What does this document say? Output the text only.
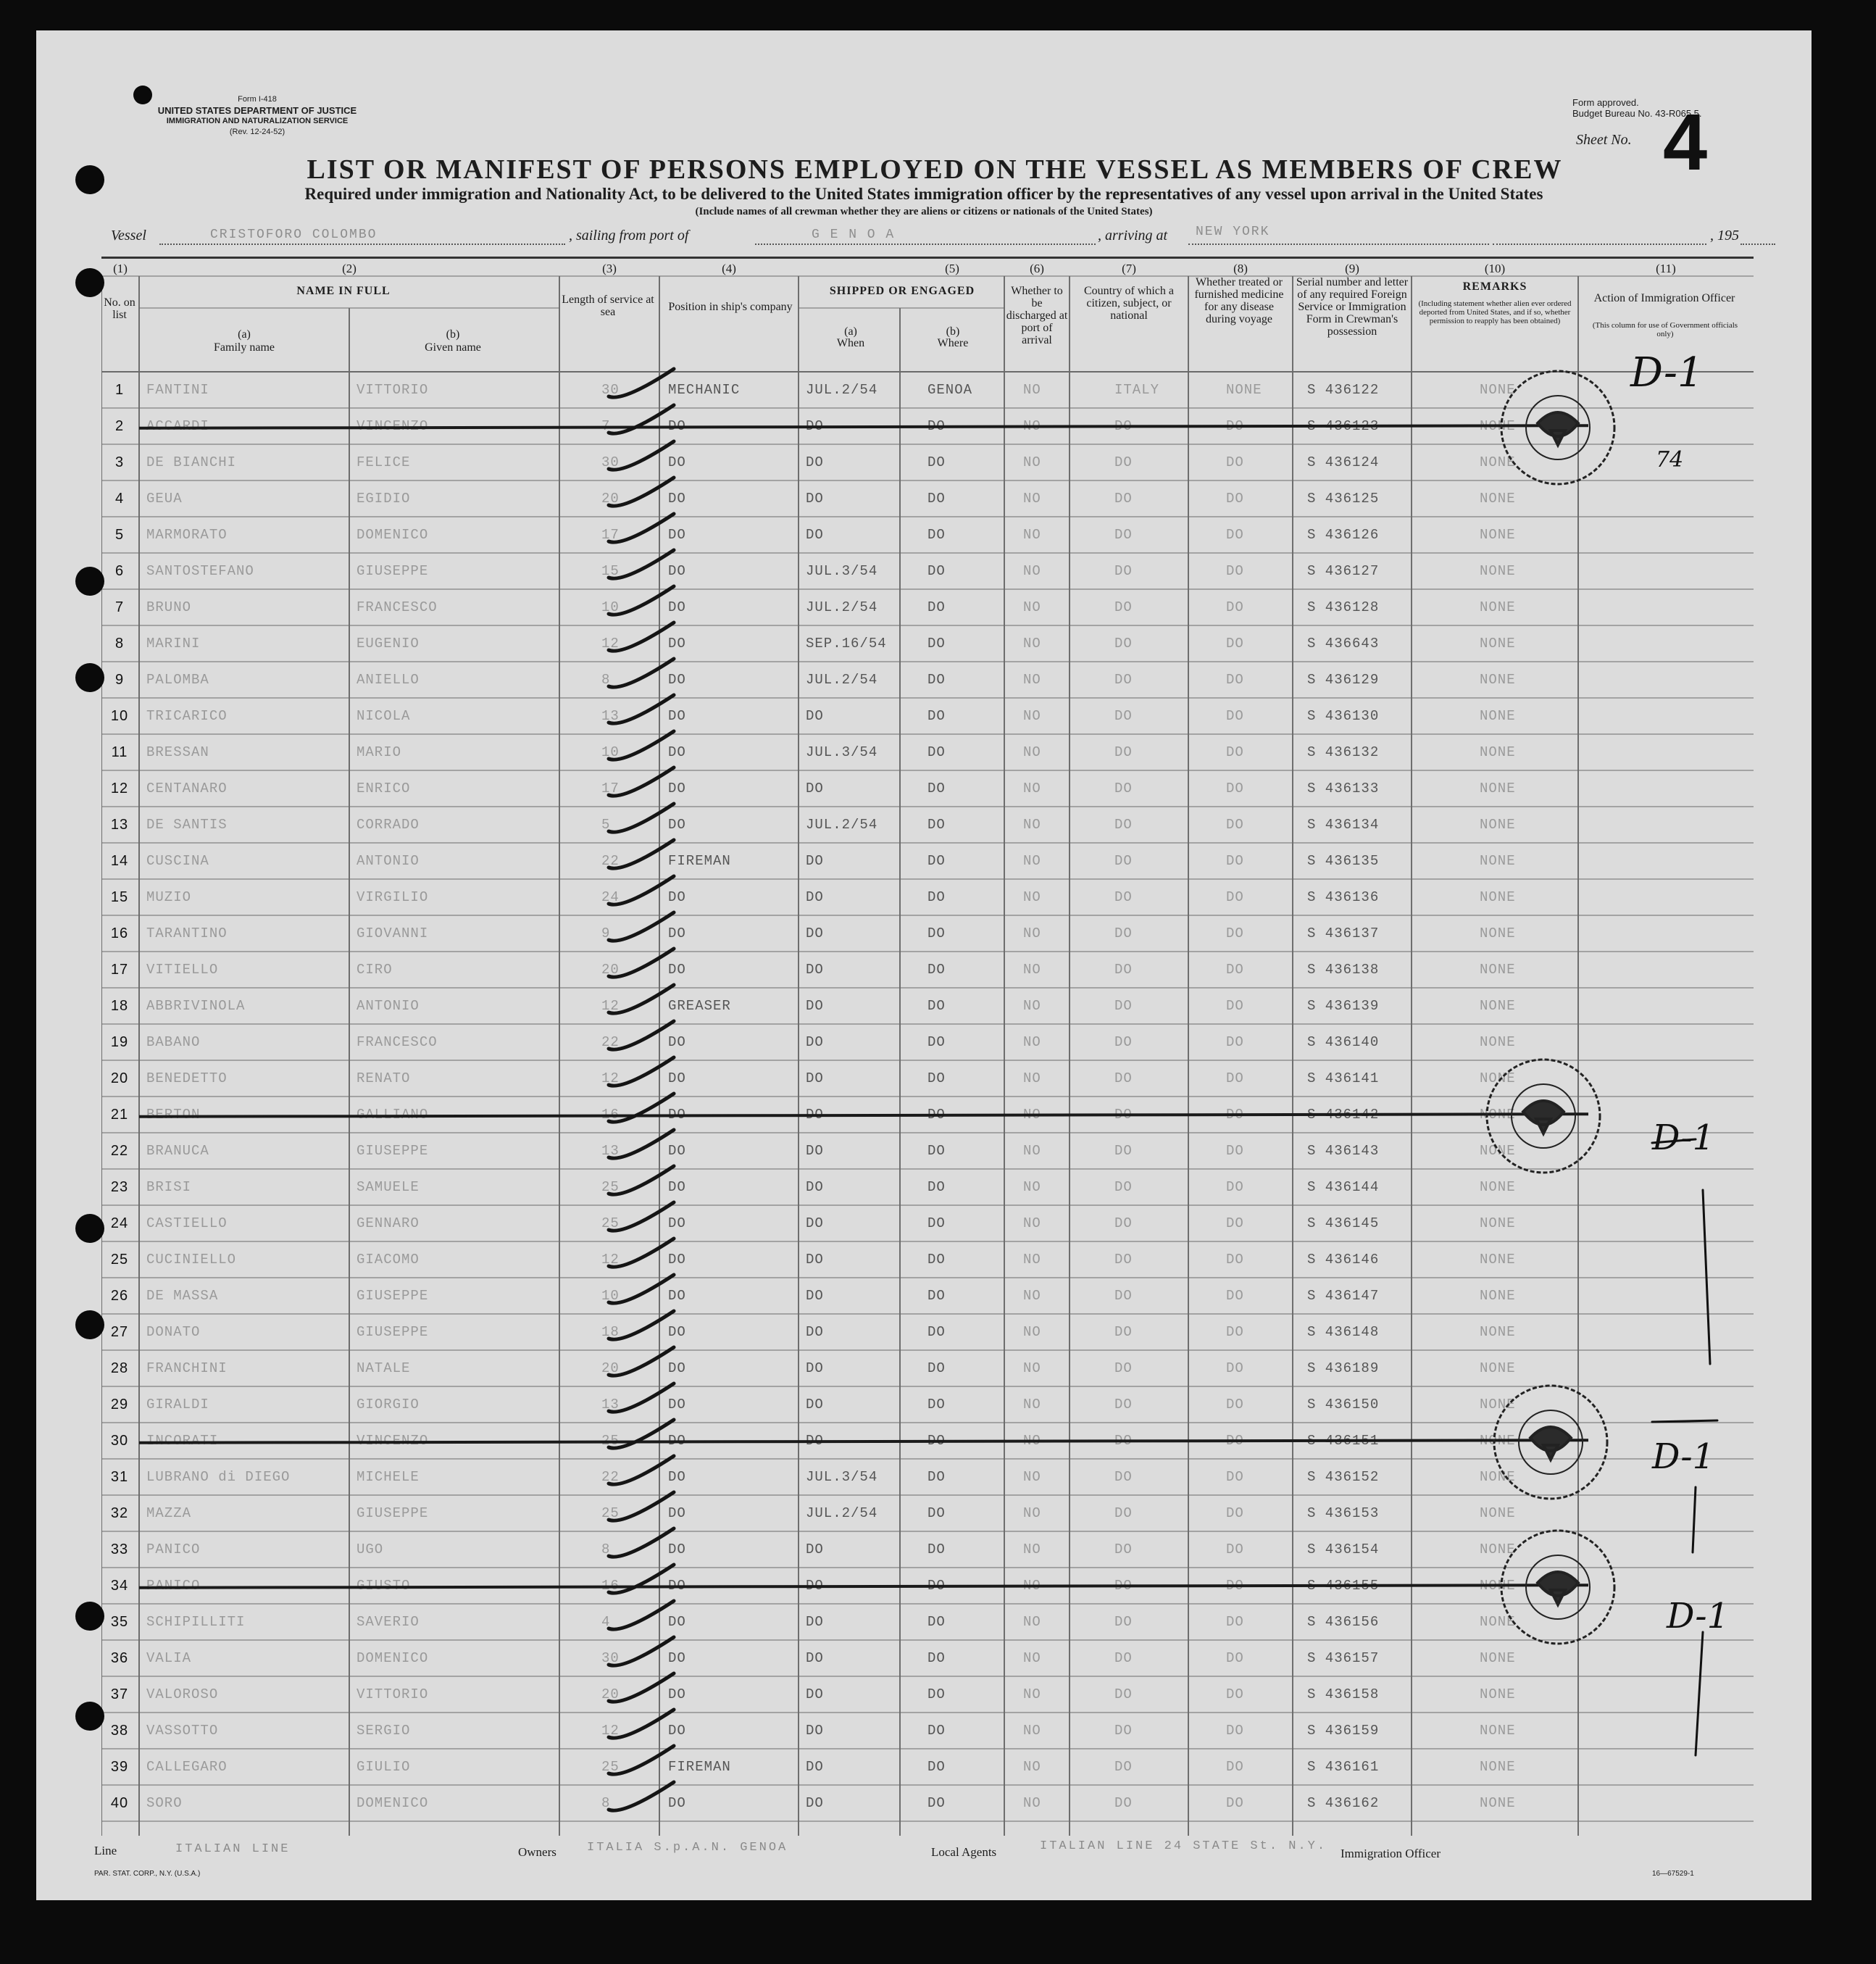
Form I-418
UNITED STATES DEPARTMENT OF JUSTICE
IMMIGRATION AND NATURALIZATION SERVICE
(Rev. 12-24-52)
Form approved.
Budget Bureau No. 43-R065.5.
Sheet No. 4
LIST OR MANIFEST OF PERSONS EMPLOYED ON THE VESSEL AS MEMBERS OF CREW
Required under immigration and Nationality Act, to be delivered to the United States immigration officer by the representatives of any vessel upon arrival in the United States
(Include names of all crewman whether they are aliens or citizens or nationals of the United States)
Vessel	CRISTOFORO COLOMBO	, sailing from port of	G E N O A	, arriving at NEW YORK	, 195
(1)	(2)	(3)	(4)	(5)	(6)	(7)	(8)	(9)	(10)	(11)
No. on list
NAME IN FULL
(a)
Family name
(b)
Given name
Length of service at sea	Position in ship's company
SHIPPED OR ENGAGED
(a)
When
(b)
Where
Whether to be discharged at port of arrival
Country of which a citizen, subject, or national
Whether treated or furnished medicine for any disease during voyage
Serial number and letter of any required Foreign Service or Immigration Form in Crewman's possession
REMARKS
(Including statement whether alien ever ordered deported from United States, and if so, whether permission to reapply has been obtained)
Action of Immigration Officer
(This column for use of Government officials only)
1	FANTINI	VITTORIO	30	MECHANIC	JUL.2/54	GENOA	NO	ITALY	NONE	S 436122	NONE
2	ACCARDI	VINCENZO	7	DO	DO	DO	NO	DO	DO	S 436123	NONE
3	DE BIANCHI	FELICE	30	DO	DO	DO	NO	DO	DO	S 436124	NONE
4	GEUA	EGIDIO	20	DO	DO	DO	NO	DO	DO	S 436125	NONE
5	MARMORATO	DOMENICO	17	DO	DO	DO	NO	DO	DO	S 436126	NONE
6	SANTOSTEFANO	GIUSEPPE	15	DO	JUL.3/54	DO	NO	DO	DO	S 436127	NONE
7	BRUNO	FRANCESCO	10	DO	JUL.2/54	DO	NO	DO	DO	S 436128	NONE
8	MARINI	EUGENIO	12	DO	SEP.16/54	DO	NO	DO	DO	S 436643	NONE
9	PALOMBA	ANIELLO	8	DO	JUL.2/54	DO	NO	DO	DO	S 436129	NONE
10	TRICARICO	NICOLA	13	DO	DO	DO	NO	DO	DO	S 436130	NONE
11	BRESSAN	MARIO	10	DO	JUL.3/54	DO	NO	DO	DO	S 436132	NONE
12	CENTANARO	ENRICO	17	DO	DO	DO	NO	DO	DO	S 436133	NONE
13	DE SANTIS	CORRADO	5	DO	JUL.2/54	DO	NO	DO	DO	S 436134	NONE
14	CUSCINA	ANTONIO	22	FIREMAN	DO	DO	NO	DO	DO	S 436135	NONE
15	MUZIO	VIRGILIO	24	DO	DO	DO	NO	DO	DO	S 436136	NONE
16	TARANTINO	GIOVANNI	9	DO	DO	DO	NO	DO	DO	S 436137	NONE
17	VITIELLO	CIRO	20	DO	DO	DO	NO	DO	DO	S 436138	NONE
18	ABBRIVINOLA	ANTONIO	12	GREASER	DO	DO	NO	DO	DO	S 436139	NONE
19	BABANO	FRANCESCO	22	DO	DO	DO	NO	DO	DO	S 436140	NONE
20	BENEDETTO	RENATO	12	DO	DO	DO	NO	DO	DO	S 436141	NONE
21	BERTON	GALLIANO	16	DO	DO	DO	NO	DO	DO	S 436142	NONE
22	BRANUCA	GIUSEPPE	13	DO	DO	DO	NO	DO	DO	S 436143	NONE
23	BRISI	SAMUELE	25	DO	DO	DO	NO	DO	DO	S 436144	NONE
24	CASTIELLO	GENNARO	25	DO	DO	DO	NO	DO	DO	S 436145	NONE
25	CUCINIELLO	GIACOMO	12	DO	DO	DO	NO	DO	DO	S 436146	NONE
26	DE MASSA	GIUSEPPE	10	DO	DO	DO	NO	DO	DO	S 436147	NONE
27	DONATO	GIUSEPPE	18	DO	DO	DO	NO	DO	DO	S 436148	NONE
28	FRANCHINI	NATALE	20	DO	DO	DO	NO	DO	DO	S 436189	NONE
29	GIRALDI	GIORGIO	13	DO	DO	DO	NO	DO	DO	S 436150	NONE
30	INCORATI	VINCENZO	25	DO	DO	DO	NO	DO	DO	S 436151	NONE
31	LUBRANO di DIEGO	MICHELE	22	DO	JUL.3/54	DO	NO	DO	DO	S 436152	NONE
32	MAZZA	GIUSEPPE	25	DO	JUL.2/54	DO	NO	DO	DO	S 436153	NONE
33	PANICO	UGO	8	DO	DO	DO	NO	DO	DO	S 436154	NONE
34	PANICO	GIUSTO	16	DO	DO	DO	NO	DO	DO	S 436155	NONE
35	SCHIPILLITI	SAVERIO	4	DO	DO	DO	NO	DO	DO	S 436156	NONE
36	VALIA	DOMENICO	30	DO	DO	DO	NO	DO	DO	S 436157	NONE
37	VALOROSO	VITTORIO	20	DO	DO	DO	NO	DO	DO	S 436158	NONE
38	VASSOTTO	SERGIO	12	DO	DO	DO	NO	DO	DO	S 436159	NONE
39	CALLEGARO	GIULIO	25	FIREMAN	DO	DO	NO	DO	DO	S 436161	NONE
40	SORO	DOMENICO	8	DO	DO	DO	NO	DO	DO	S 436162	NONE
Line	ITALIAN LINE	Owners ITALIA S.p.A.N. GENOA	Local Agents	ITALIAN LINE 24 STATE St. N.Y.
Immigration Officer
PAR. STAT. CORP., N.Y. (U.S.A.)	16—67529-1
D-1
74
D-1
D-1
D-1
